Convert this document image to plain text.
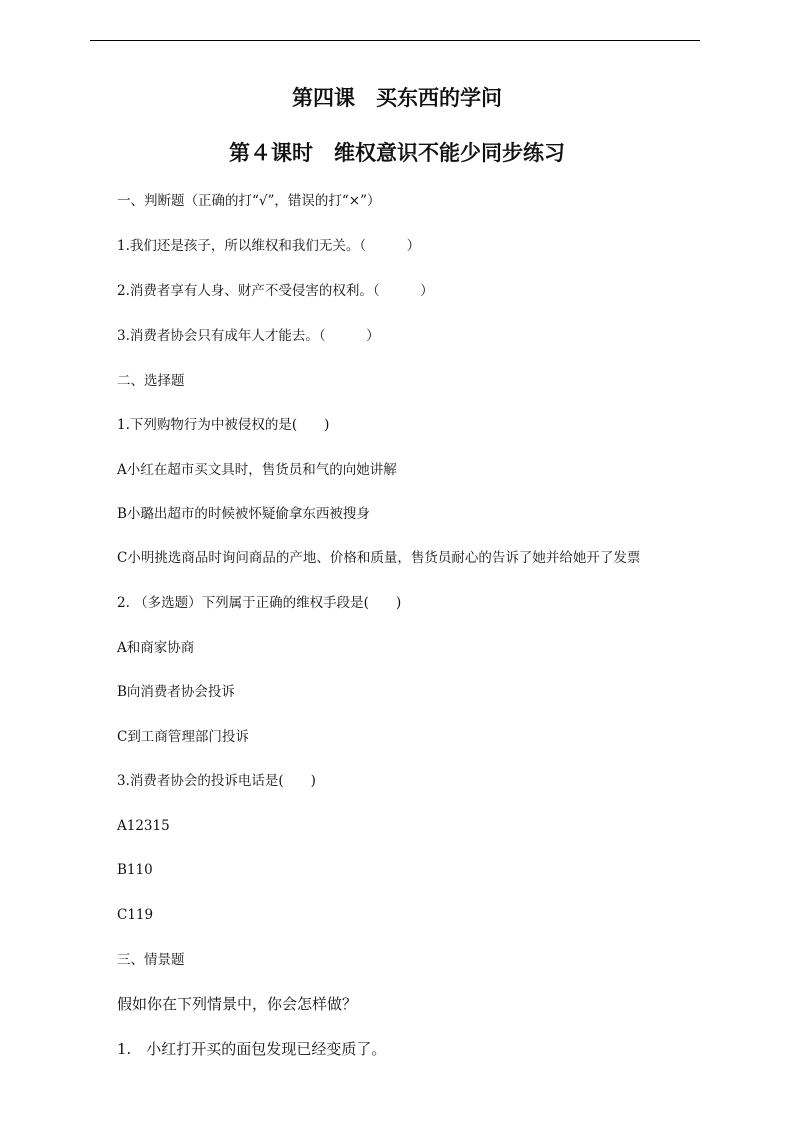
第四课　买东西的学问
第４课时　维权意识不能少同步练习
一、判断题（正确的打“√”，错误的打“×”）
1.我们还是孩子，所以维权和我们无关。（　　　）
2.消费者享有人身、财产不受侵害的权利。（　　　）
3.消费者协会只有成年人才能去。（　　　）
二、选择题
1.下列购物行为中被侵权的是(　　)
A小红在超市买文具时，售货员和气的向她讲解
B小璐出超市的时候被怀疑偷拿东西被搜身
C小明挑选商品时询问商品的产地、价格和质量，售货员耐心的告诉了她并给她开了发票
2. （多选题）下列属于正确的维权手段是(　　)
A和商家协商
B向消费者协会投诉
C到工商管理部门投诉
3.消费者协会的投诉电话是(　　)
A12315
B110
C119
三、情景题
假如你在下列情景中，你会怎样做？
1.　小红打开买的面包发现已经变质了。
